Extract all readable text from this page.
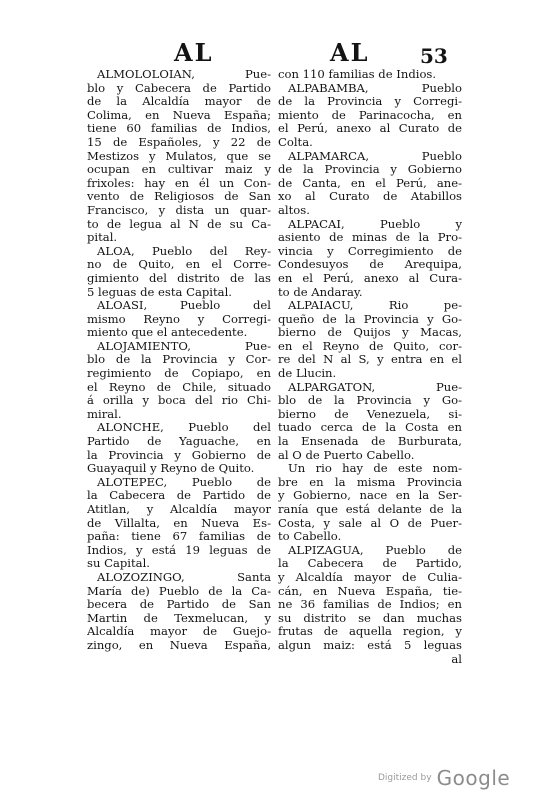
AL	AL	53
ALMOLOLOIAN, Pue-
blo y Cabecera de Partido
de la Alcaldía mayor de
Colima, en Nueva España;
tiene 60 familias de Indios,
15 de Españoles, y 22 de
Mestizos y Mulatos, que se
ocupan en cultivar maiz y
frixoles: hay en él un Con-
vento de Religiosos de San
Francisco, y dista un quar-
to de legua al N de su Ca-
pital.
ALOA, Pueblo del Rey-
no de Quito, en el Corre-
gimiento del distrito de las
5 leguas de esta Capital.
ALOASI, Pueblo del
mismo Reyno y Corregi-
miento que el antecedente.
ALOJAMIENTO, Pue-
blo de la Provincia y Cor-
regimiento de Copiapo, en
el Reyno de Chile, situado
á orilla y boca del rio Chi-
miral.
ALONCHE, Pueblo del
Partido de Yaguache, en
la Provincia y Gobierno de
Guayaquil y Reyno de Quito.
ALOTEPEC, Pueblo de
la Cabecera de Partido de
Atitlan, y Alcaldía mayor
de Villalta, en Nueva Es-
paña: tiene 67 familias de
Indios, y está 19 leguas de
su Capital.
ALOZOZINGO, Santa
María de) Pueblo de la Ca-
becera de Partido de San
Martin de Texmelucan, y
Alcaldía mayor de Guejo-
zingo, en Nueva España,
con 110 familias de Indios.
ALPABAMBA, Pueblo
de la Provincia y Corregi-
miento de Parinacocha, en
el Perú, anexo al Curato de
Colta.
ALPAMARCA, Pueblo
de la Provincia y Gobierno
de Canta, en el Perú, ane-
xo al Curato de Atabillos
altos.
ALPACAI, Pueblo y
asiento de minas de la Pro-
vincia y Corregimiento de
Condesuyos de Arequipa,
en el Perú, anexo al Cura-
to de Andaray.
ALPAIACU, Rio pe-
queño de la Provincia y Go-
bierno de Quijos y Macas,
en el Reyno de Quito, cor-
re del N al S, y entra en el
de Llucin.
ALPARGATON, Pue-
blo de la Provincia y Go-
bierno de Venezuela, si-
tuado cerca de la Costa en
la Ensenada de Burburata,
al O de Puerto Cabello.
Un rio hay de este nom-
bre en la misma Provincia
y Gobierno, nace en la Ser-
ranía que está delante de la
Costa, y sale al O de Puer-
to Cabello.
ALPIZAGUA, Pueblo de
la Cabecera de Partido,
y Alcaldía mayor de Culia-
cán, en Nueva España, tie-
ne 36 familias de Indios; en
su distrito se dan muchas
frutas de aquella region, y
algun maiz: está 5 leguas
al
Digitized by Google
